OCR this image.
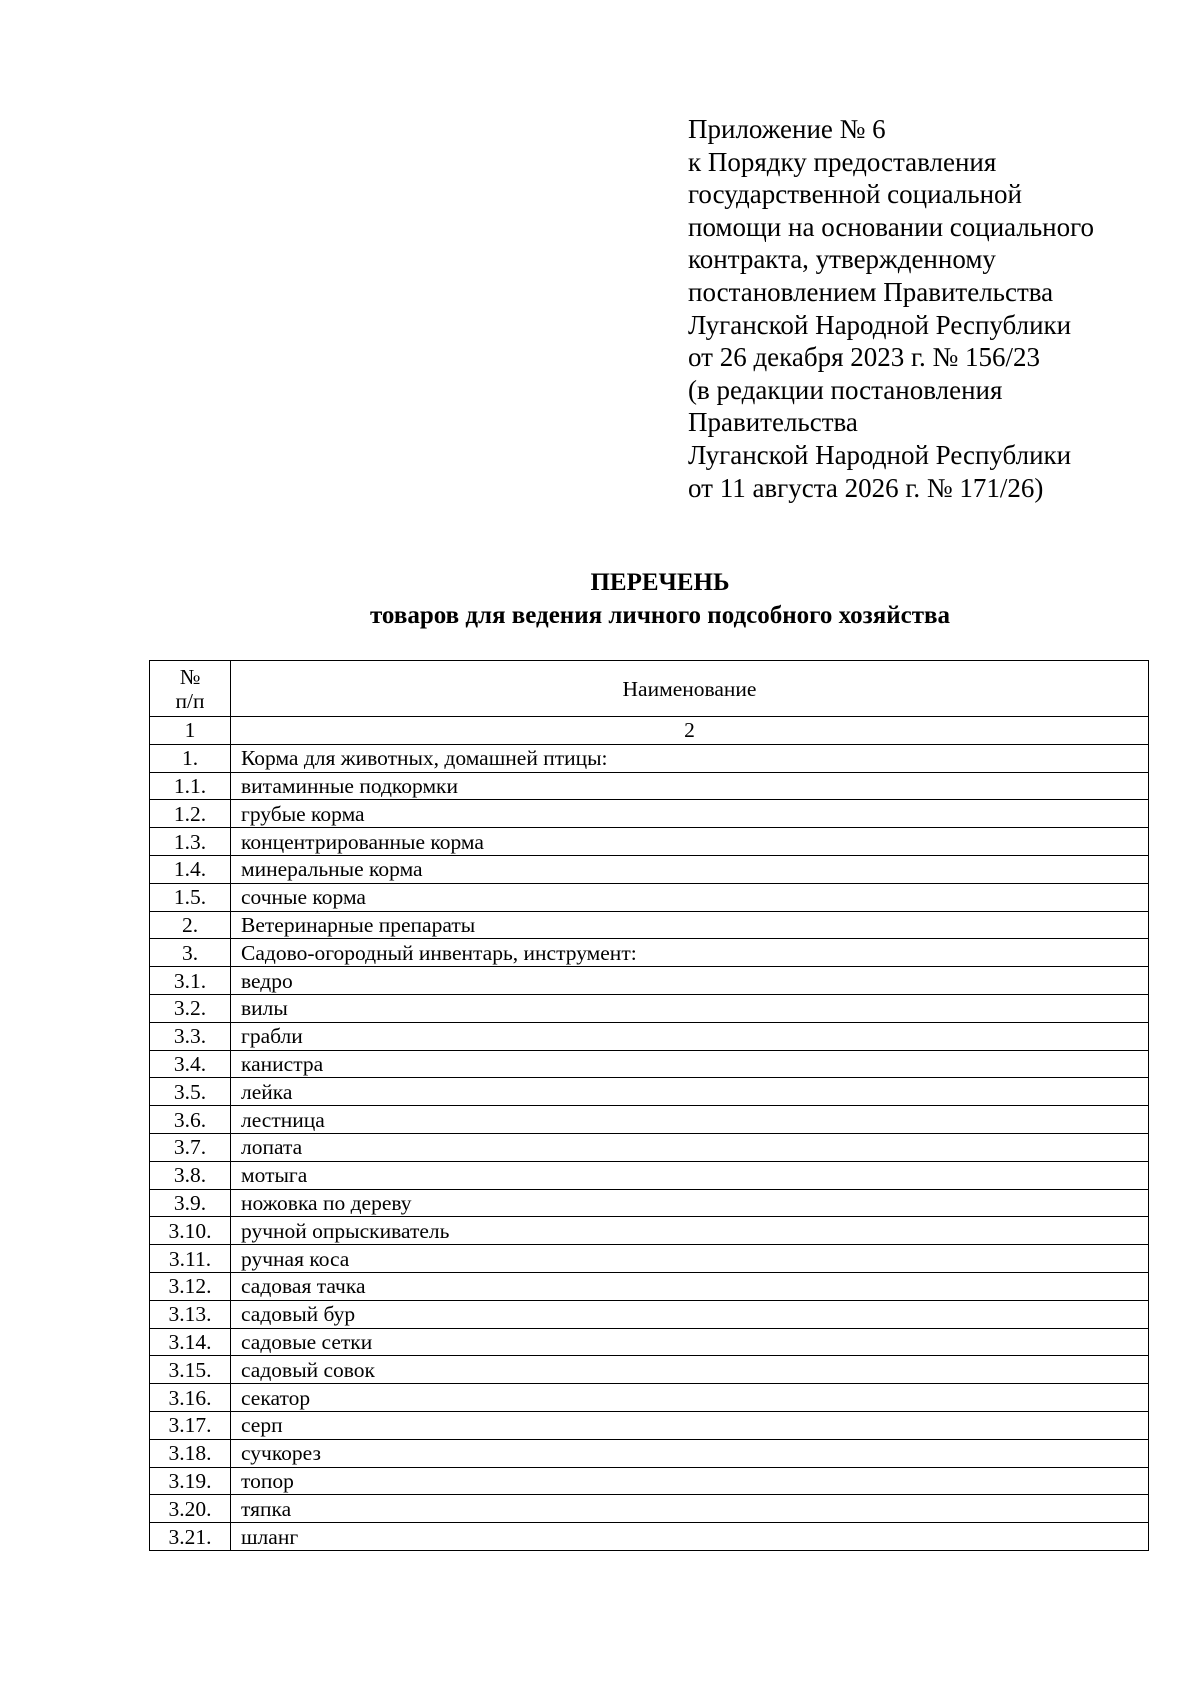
Приложение № 6
к Порядку предоставления
государственной социальной
помощи на основании социального
контракта, утвержденному
постановлением Правительства
Луганской Народной Республики
от 26 декабря 2023 г. № 156/23
(в редакции постановления
Правительства
Луганской Народной Республики
от 11 августа 2026 г. № 171/26)
ПЕРЕЧЕНЬ
товаров для ведения личного подсобного хозяйства
№
п/п	Наименование
1	2
1.	Корма для животных, домашней птицы:
1.1.	витаминные подкормки
1.2.	грубые корма
1.3.	концентрированные корма
1.4.	минеральные корма
1.5.	сочные корма
2.	Ветеринарные препараты
3.	Садово-огородный инвентарь, инструмент:
3.1.	ведро
3.2.	вилы
3.3.	грабли
3.4.	канистра
3.5.	лейка
3.6.	лестница
3.7.	лопата
3.8.	мотыга
3.9.	ножовка по дереву
3.10.	ручной опрыскиватель
3.11.	ручная коса
3.12.	садовая тачка
3.13.	садовый бур
3.14.	садовые сетки
3.15.	садовый совок
3.16.	секатор
3.17.	серп
3.18.	сучкорез
3.19.	топор
3.20.	тяпка
3.21.	шланг
